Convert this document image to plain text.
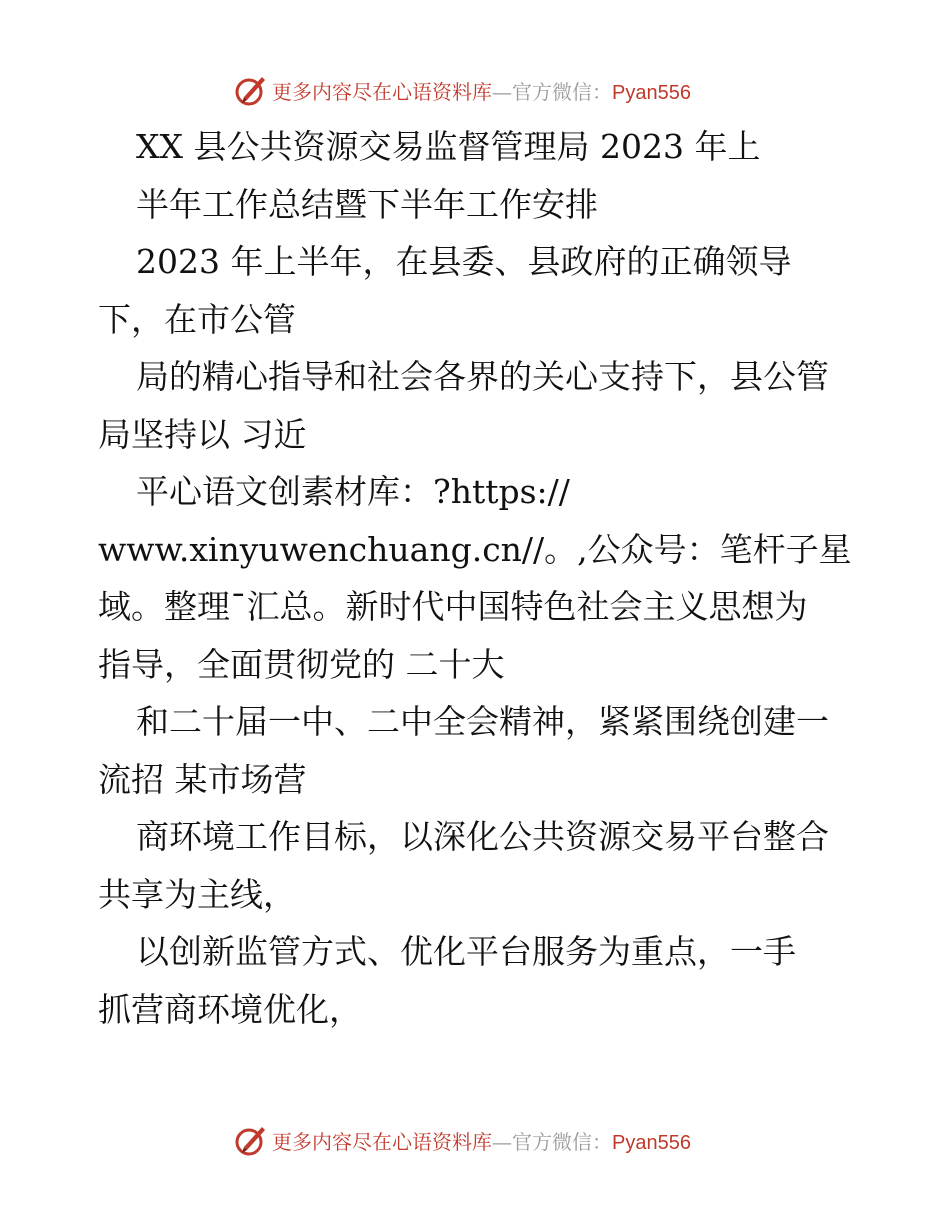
更多内容尽在心语资料库—官方微信：Pyan556
XX 县公共资源交易监督管理局 2023 年上
半年工作总结暨下半年工作安排
2023 年上半年，在县委、县政府的正确领导
下，在市公管
局的精心指导和社会各界的关心支持下，县公管
局坚持以 习近
平心语文创素材库：?https://
www.xinyuwenchuang.cn//。,公众号：笔杆子星
域。整理¯汇总。新时代中国特色社会主义思想为
指导，全面贯彻党的 二十大
和二十届一中、二中全会精神，紧紧围绕创建一
流招 某市场营
商环境工作目标，以深化公共资源交易平台整合
共享为主线，
以创新监管方式、优化平台服务为重点，一手
抓营商环境优化，
更多内容尽在心语资料库—官方微信：Pyan556
